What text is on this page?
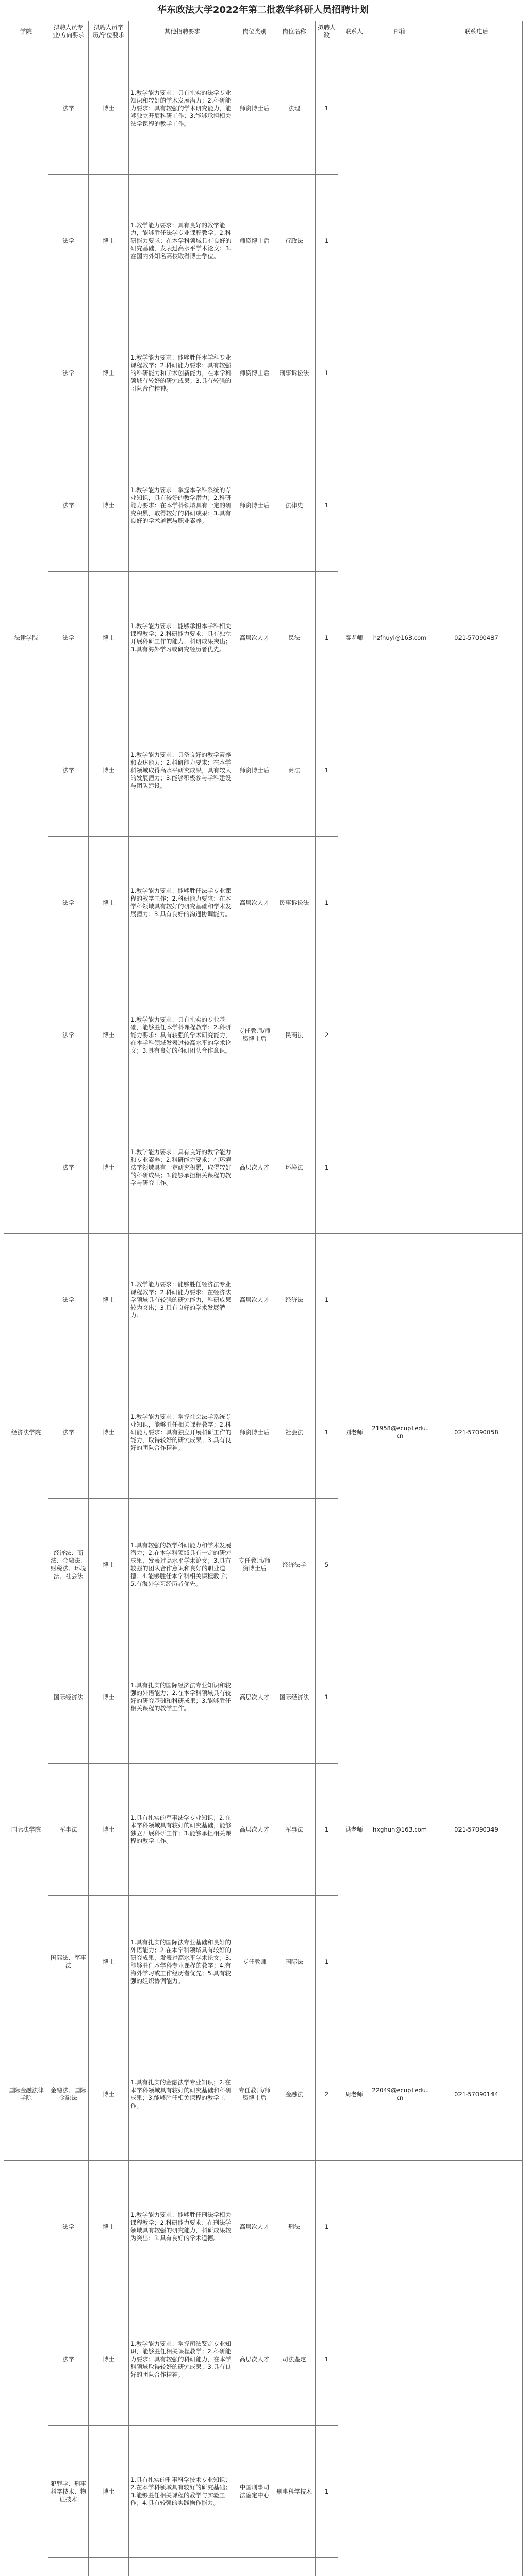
华东政法大学2022年第二批教学科研人员招聘计划
学院	拟聘人员专业/方向要求	拟聘人员学历/学位要求	其他招聘要求	岗位类别	岗位名称	拟聘人数	联系人	邮箱	联系电话
法律学院	法学	博士	1.教学能力要求：具有扎实的法学专业知识和较好的学术发展潜力；2.科研能力要求：具有较强的学术研究能力，能够独立开展科研工作；3.能够承担相关法学课程的教学工作。	师资博士后	法理	1	秦老师	hzfhuyi@163.com	021-57090487
	法学	博士	1.教学能力要求：具有良好的教学能力，能够胜任法学专业课程教学；2.科研能力要求：在本学科领域具有良好的研究基础，发表过高水平学术论文；3.在国内外知名高校取得博士学位。	师资博士后	行政法	1			
	法学	博士	1.教学能力要求：能够胜任本学科专业课程教学；2.科研能力要求：具有较强的科研能力和学术创新能力，在本学科领域有较好的研究成果；3.具有较强的团队合作精神。	师资博士后	刑事诉讼法	1			
	法学	博士	1.教学能力要求：掌握本学科系统的专业知识，具有较好的教学潜力；2.科研能力要求：在本学科领域具有一定的研究积累，取得较好的科研成果；3.具有良好的学术道德与职业素养。	师资博士后	法律史	1			
	法学	博士	1.教学能力要求：能够承担本学科相关课程教学；2.科研能力要求：具有独立开展科研工作的能力，科研成果突出；3.具有海外学习或研究经历者优先。	高层次人才	民法	1			
	法学	博士	1.教学能力要求：具备良好的教学素养和表达能力；2.科研能力要求：在本学科领域取得高水平研究成果，具有较大的发展潜力；3.能够积极参与学科建设与团队建设。	师资博士后	商法	1			
	法学	博士	1.教学能力要求：能够胜任法学专业课程的教学工作；2.科研能力要求：在本学科领域具有较好的研究基础和学术发展潜力；3.具有良好的沟通协调能力。	高层次人才	民事诉讼法	1			
	法学	博士	1.教学能力要求：具有扎实的专业基础，能够胜任本学科课程教学；2.科研能力要求：具有较强的学术研究能力，在本学科领域发表过较高水平的学术论文；3.具有良好的科研团队合作意识。	专任教师/师资博士后	民商法	2			
	法学	博士	1.教学能力要求：具有良好的教学能力和专业素养；2.科研能力要求：在环境法学领域具有一定研究积累，取得较好的科研成果；3.能够承担相关课程的教学与研究工作。	高层次人才	环境法	1			
经济法学院	法学	博士	1.教学能力要求：能够胜任经济法专业课程教学；2.科研能力要求：在经济法学领域具有较强的研究能力，科研成果较为突出；3.具有良好的学术发展潜力。	高层次人才	经济法	1	刘老师	21958@ecupl.edu.cn	021-57090058
	法学	博士	1.教学能力要求：掌握社会法学系统专业知识，能够胜任相关课程教学；2.科研能力要求：具有独立开展科研工作的能力，取得较好的研究成果；3.具有良好的团队合作精神。	师资博士后	社会法	1			
	经济法、商法、金融法、财税法、环境法、社会法	博士	1.具有较强的教学科研能力和学术发展潜力；2.在本学科领域具有一定的研究成果，发表过高水平学术论文；3.具有较强的团队合作意识和良好的职业道德；4.能够胜任本学科相关课程教学；5.有海外学习经历者优先。	专任教师/师资博士后	经济法学	5			
国际法学院	国际经济法	博士	1.具有扎实的国际经济法专业知识和较强的外语能力；2.在本学科领域具有较好的研究基础和科研成果；3.能够胜任相关课程的教学工作。	高层次人才	国际经济法	1	洪老师	hxghun@163.com	021-57090349
	军事法	博士	1.具有扎实的军事法学专业知识；2.在本学科领域具有较好的研究基础，能够独立开展科研工作；3.能够承担相关课程的教学工作。	高层次人才	军事法	1			
	国际法、军事法	博士	1.具有扎实的国际法专业基础和良好的外语能力；2.在本学科领域具有较好的研究成果，发表过高水平学术论文；3.能够胜任本学科专业课程的教学；4.有海外学习或工作经历者优先；5.具有较强的组织协调能力。	专任教师	国际法	1			
国际金融法律学院	金融法、国际金融法	博士	1.具有扎实的金融法学专业知识；2.在本学科领域具有较好的研究基础和科研成果；3.能够胜任相关课程的教学工作。	专任教师/师资博士后	金融法	2	周老师	22049@ecupl.edu.cn	021-57090144
	法学	博士	1.教学能力要求：能够胜任刑法学相关课程教学；2.科研能力要求：在刑法学领域具有较强的研究能力，科研成果较为突出；3.具有良好的学术道德。	高层次人才	刑法	1			
	法学	博士	1.教学能力要求：掌握司法鉴定专业知识，能够胜任相关课程教学；2.科研能力要求：具有较强的科研能力，在本学科领域取得较好的研究成果；3.具有良好的团队合作精神。	高层次人才	司法鉴定	1			
	犯罪学、刑事科学技术、物证技术	博士	1.具有扎实的刑事科学技术专业知识；2.在本学科领域具有较好的研究基础；3.能够胜任相关课程的教学与实验工作；4.具有较强的实践操作能力。	中国刑事司法鉴定中心	刑事科学技术	1			
